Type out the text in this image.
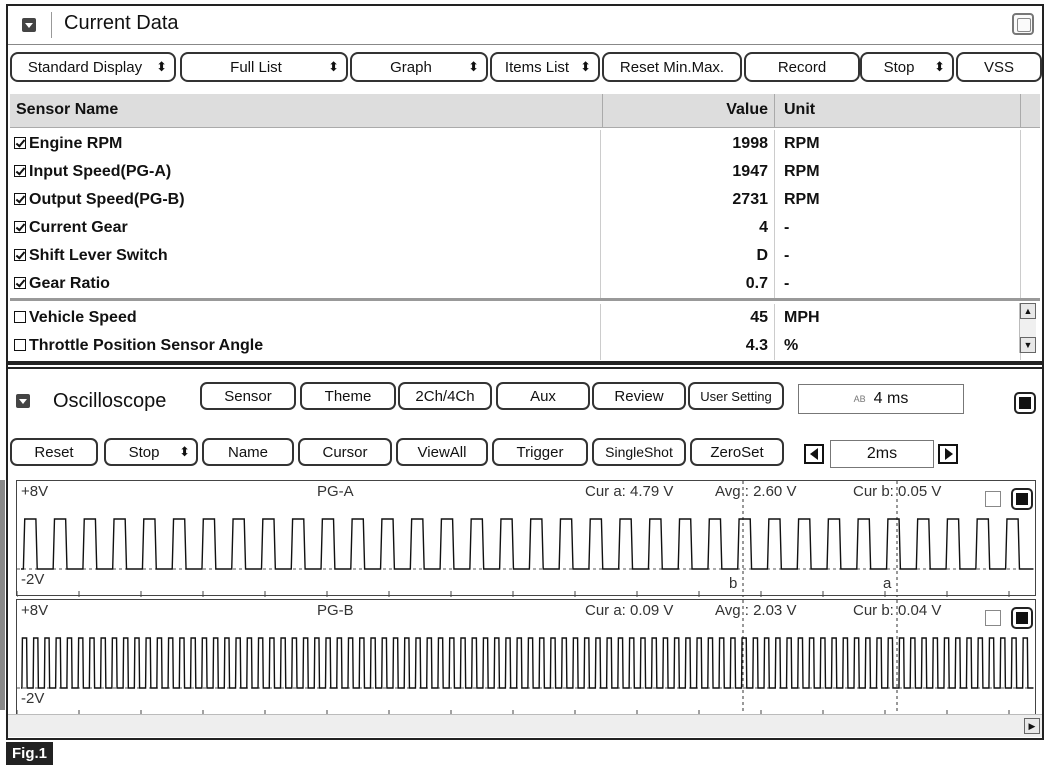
Current Data
Standard Display ⬍	Full List	⬍	Graph	⬍ Items List ⬍ Reset Min.Max.	Record	Stop ⬍	VSS
Sensor Name	Value Unit
Engine RPM	1998 RPM
Input Speed(PG-A)	1947 RPM
Output Speed(PG-B)	2731 RPM
Current Gear	4 -
Shift Lever Switch	D -
Gear Ratio	0.7 -
Vehicle Speed	45 MPH
Throttle Position Sensor Angle	4.3 %
▲
▼
Oscilloscope	Sensor	Theme	2Ch/4Ch	Aux	Review	User Setting	AB 4 ms
Reset	Stop ⬍	Name	Cursor	ViewAll	Trigger	SingleShot ZeroSet	2ms
+8V	PG-A	Cur a: 4.79 V	Avg : 2.60 V	Cur b: 0.05 V
-2V	b	a
+8V	PG-B	Cur a: 0.09 V	Avg : 2.03 V	Cur b: 0.04 V
-2V
▶
Fig.1
